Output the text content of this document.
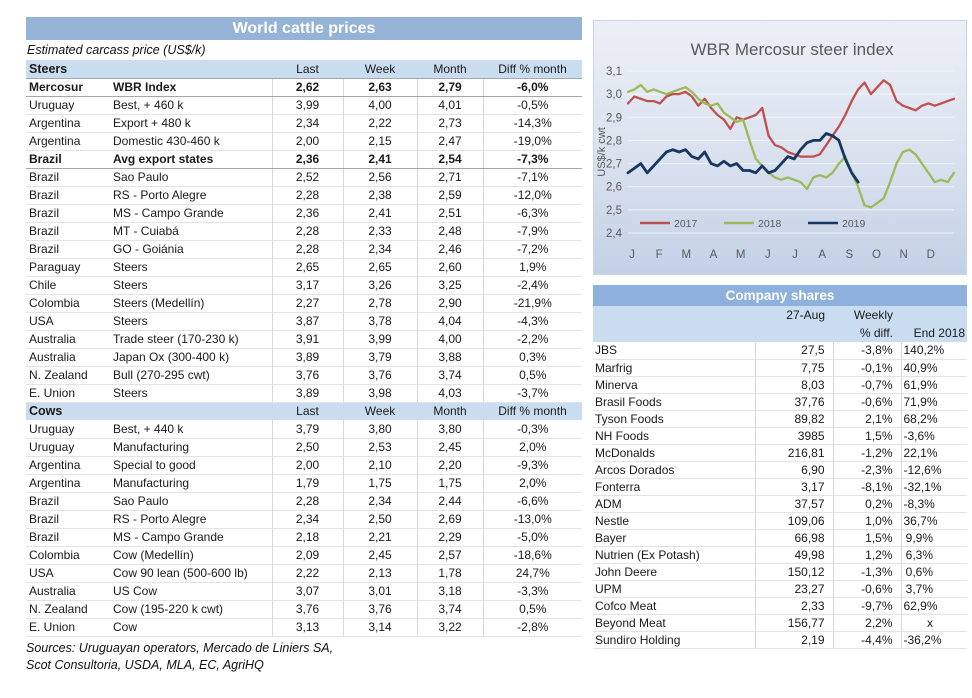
World cattle prices
Estimated carcass price (US$/k)
Steers		Last	Week	Month	Diff % month
Mercosur	WBR Index	2,62	2,63	2,79	-6,0%
Uruguay	Best, + 460 k	3,99	4,00	4,01	-0,5%
Argentina	Export + 480 k	2,34	2,22	2,73	-14,3%
Argentina	Domestic 430-460 k	2,00	2,15	2,47	-19,0%
Brazil	Avg export states	2,36	2,41	2,54	-7,3%
Brazil	Sao Paulo	2,52	2,56	2,71	-7,1%
Brazil	RS - Porto Alegre	2,28	2,38	2,59	-12,0%
Brazil	MS - Campo Grande	2,36	2,41	2,51	-6,3%
Brazil	MT - Cuiabá	2,28	2,33	2,48	-7,9%
Brazil	GO - Goiánia	2,28	2,34	2,46	-7,2%
Paraguay	Steers	2,65	2,65	2,60	1,9%
Chile	Steers	3,17	3,26	3,25	-2,4%
Colombia	Steers (Medellín)	2,27	2,78	2,90	-21,9%
USA	Steers	3,87	3,78	4,04	-4,3%
Australia	Trade steer (170-230 k)	3,91	3,99	4,00	-2,2%
Australia	Japan Ox (300-400 k)	3,89	3,79	3,88	0,3%
N. Zealand	Bull (270-295 cwt)	3,76	3,76	3,74	0,5%
E. Union	Steers	3,89	3,98	4,03	-3,7%
Cows		Last	Week	Month	Diff % month
Uruguay	Best, + 440 k	3,79	3,80	3,80	-0,3%
Uruguay	Manufacturing	2,50	2,53	2,45	2,0%
Argentina	Special to good	2,00	2,10	2,20	-9,3%
Argentina	Manufacturing	1,79	1,75	1,75	2,0%
Brazil	Sao Paulo	2,28	2,34	2,44	-6,6%
Brazil	RS - Porto Alegre	2,34	2,50	2,69	-13,0%
Brazil	MS - Campo Grande	2,18	2,21	2,29	-5,0%
Colombia	Cow (Medellín)	2,09	2,45	2,57	-18,6%
USA	Cow 90 lean (500-600 lb)	2,22	2,13	1,78	24,7%
Australia	US Cow	3,07	3,01	3,18	-3,3%
N. Zealand	Cow (195-220 k cwt)	3,76	3,76	3,74	0,5%
E. Union	Cow	3,13	3,14	3,22	-2,8%
Sources: Uruguayan operators, Mercado de Liniers SA,
Scot Consultoria, USDA, MLA, EC, AgriHQ
3,1
3,0
2,9
2,8
2,7
2,6
2,5
2,4
J F M A M J J A S O N D
2017	2018	2019
WBR Mercosur steer index
US$/k cwt
Company shares
	27-Aug	Weekly	
		% diff.	End 2018
JBS	27,5	-3,8%	140,2%
Marfrig	7,75	-0,1%	40,9%
Minerva	8,03	-0,7%	61,9%
Brasil Foods	37,76	-0,6%	71,9%
Tyson Foods	89,82	2,1%	68,2%
NH Foods	3985	1,5%	-3,6%
McDonalds	216,81	-1,2%	22,1%
Arcos Dorados	6,90	-2,3%	-12,6%
Fonterra	3,17	-8,1%	-32,1%
ADM	37,57	0,2%	-8,3%
Nestle	109,06	1,0%	36,7%
Bayer	66,98	1,5%	9,9%
Nutrien (Ex Potash)	49,98	1,2%	6,3%
John Deere	150,12	-1,3%	0,6%
UPM	23,27	-0,6%	3,7%
Cofco Meat	2,33	-9,7%	62,9%
Beyond Meat	156,77	2,2%	x
Sundiro Holding	2,19	-4,4%	-36,2%
